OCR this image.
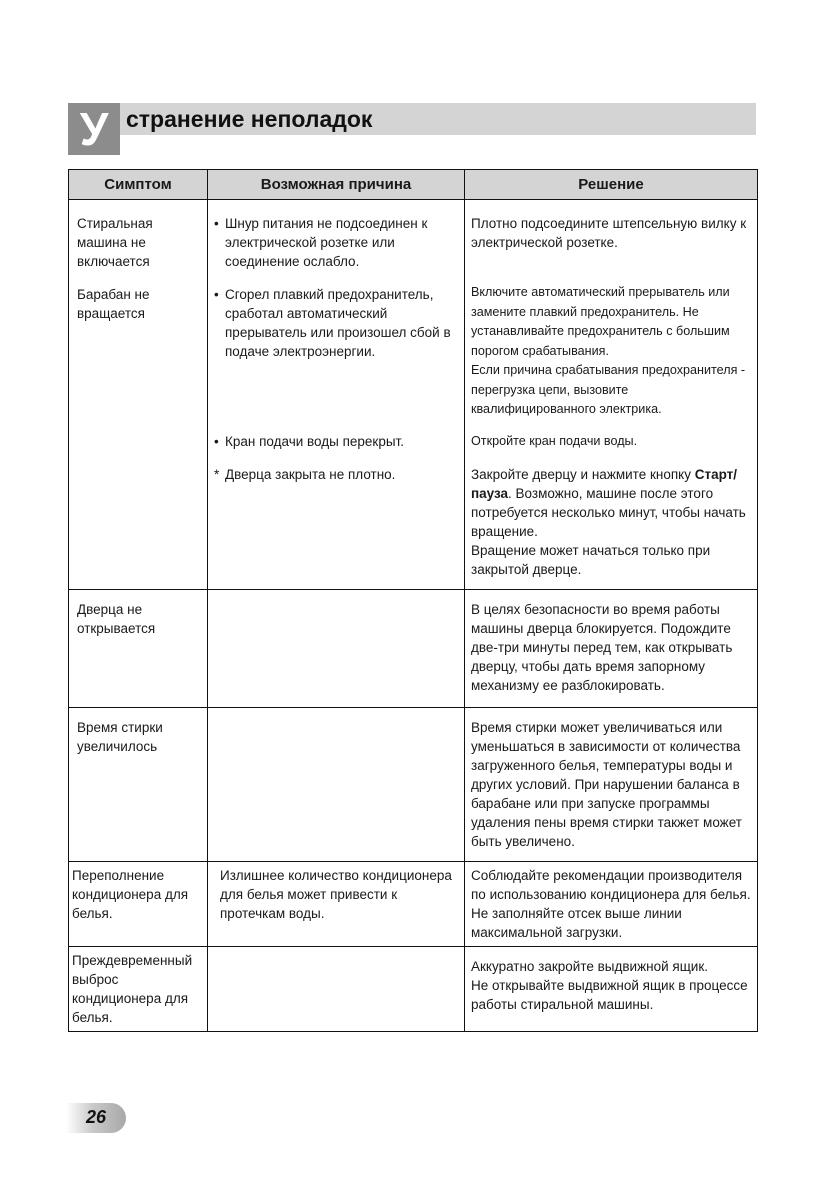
У странение неполадок
Симптом	Возможная причина	Решение

Стиральная машина не включается	• Шнур питания не подсоединен к электрической розетке или соединение ослабло.	Плотно подсоедините штепсельную вилку к электрической розетке.

Барабан не вращается	• Сгорел плавкий предохранитель, сработал автоматический прерыватель или произошел сбой в подаче электроэнергии.	Включите автоматический прерыватель или замените плавкий предохранитель. Не устанавливайте предохранитель с большим порогом срабатывания.
Если причина срабатывания предохранителя - перегрузка цепи, вызовите квалифицированного электрика.

	• Кран подачи воды перекрыт.	Откройте кран подачи воды.

	* Дверца закрыта не плотно.	Закройте дверцу и нажмите кнопку Старт/пауза. Возможно, машине после этого потребуется несколько минут, чтобы начать вращение.
Вращение может начаться только при закрытой дверце.

Дверца не открывается		В целях безопасности во время работы машины дверца блокируется. Подождите две-три минуты перед тем, как открывать дверцу, чтобы дать время запорному механизму ее разблокировать.

Время стирки увеличилось		Время стирки может увеличиваться или уменьшаться в зависимости от количества загруженного белья, температуры воды и других условий. При нарушении баланса в барабане или при запуске программы удаления пены время стирки такжет может быть увеличено.

Переполнение кондиционера для белья.	Излишнее количество кондиционера для белья может привести к протечкам воды.	Соблюдайте рекомендации производителя по использованию кондиционера для белья.
Не заполняйте отсек выше линии максимальной загрузки.

Преждевременный выброс кондиционера для белья.		Аккуратно закройте выдвижной ящик.
Не открывайте выдвижной ящик в процессе работы стиральной машины.
26
